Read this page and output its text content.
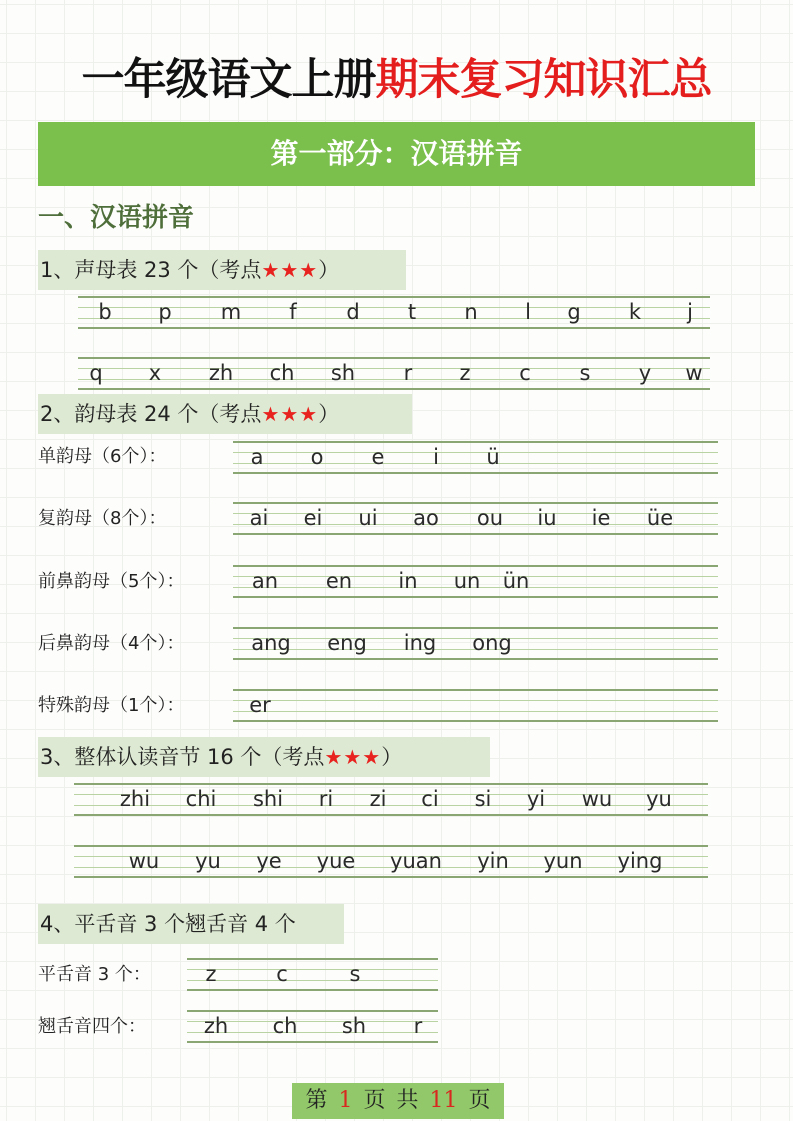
一年级语文上册期末复习知识汇总
第一部分：汉语拼音
一、汉语拼音
1、声母表 23 个（考点★★★）
b p m f d t n l g k j
q x zh ch sh r z c s y w
2、韵母表 24 个（考点★★★）
单韵母（6个）：	a o e i ü
复韵母（8个）：	ai ei ui ao ou iu ie üe
前鼻韵母（5个）：	an en in un ün
后鼻韵母（4个）：	ang eng ing ong
特殊韵母（1个）：	er
3、整体认读音节 16 个（考点★★★）
zhi chi shi ri zi ci si yi wu yu
wu yu ye yue yuan yin yun ying
4、平舌音 3 个翘舌音 4 个
平舌音 3 个：	z	c	s
翘舌音四个：	zh ch sh r
第 1 页 共 11 页
